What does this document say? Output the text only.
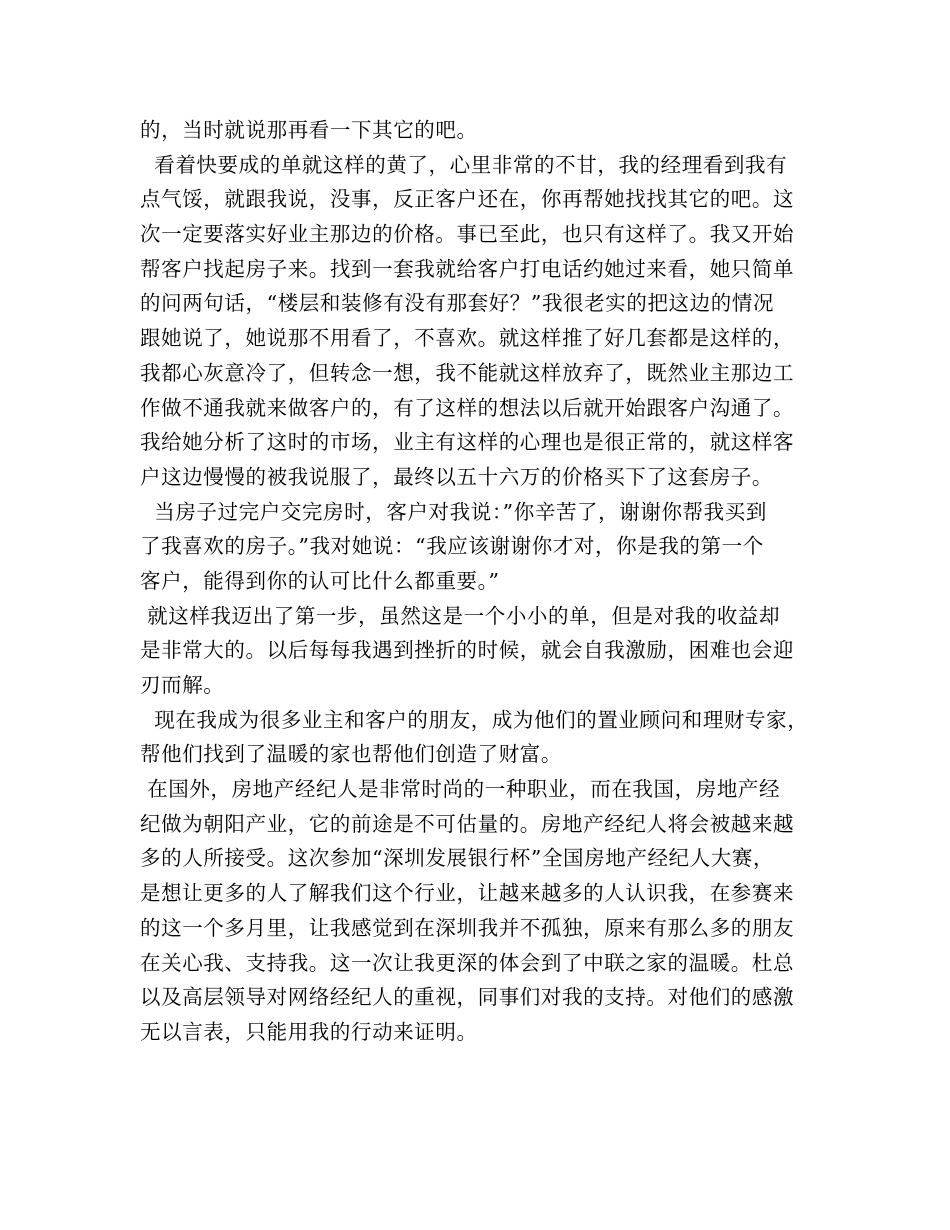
的，当时就说那再看一下其它的吧。
看着快要成的单就这样的黄了，心里非常的不甘，我的经理看到我有
点气馁，就跟我说，没事，反正客户还在，你再帮她找找其它的吧。这
次一定要落实好业主那边的价格。事已至此，也只有这样了。我又开始
帮客户找起房子来。找到一套我就给客户打电话约她过来看，她只简单
的问两句话，“楼层和装修有没有那套好？”我很老实的把这边的情况
跟她说了，她说那不用看了，不喜欢。就这样推了好几套都是这样的，
我都心灰意冷了，但转念一想，我不能就这样放弃了，既然业主那边工
作做不通我就来做客户的，有了这样的想法以后就开始跟客户沟通了。
我给她分析了这时的市场，业主有这样的心理也是很正常的，就这样客
户这边慢慢的被我说服了，最终以五十六万的价格买下了这套房子。
当房子过完户交完房时，客户对我说：”你辛苦了，谢谢你帮我买到
了我喜欢的房子。”我对她说：“我应该谢谢你才对，你是我的第一个
客户，能得到你的认可比什么都重要。”
就这样我迈出了第一步，虽然这是一个小小的单，但是对我的收益却
是非常大的。以后每每我遇到挫折的时候，就会自我激励，困难也会迎
刃而解。
现在我成为很多业主和客户的朋友，成为他们的置业顾问和理财专家，
帮他们找到了温暖的家也帮他们创造了财富。
在国外，房地产经纪人是非常时尚的一种职业，而在我国，房地产经
纪做为朝阳产业，它的前途是不可估量的。房地产经纪人将会被越来越
多的人所接受。这次参加“深圳发展银行杯”全国房地产经纪人大赛，
是想让更多的人了解我们这个行业，让越来越多的人认识我，在参赛来
的这一个多月里，让我感觉到在深圳我并不孤独，原来有那么多的朋友
在关心我、支持我。这一次让我更深的体会到了中联之家的温暖。杜总
以及高层领导对网络经纪人的重视，同事们对我的支持。对他们的感激
无以言表，只能用我的行动来证明。
